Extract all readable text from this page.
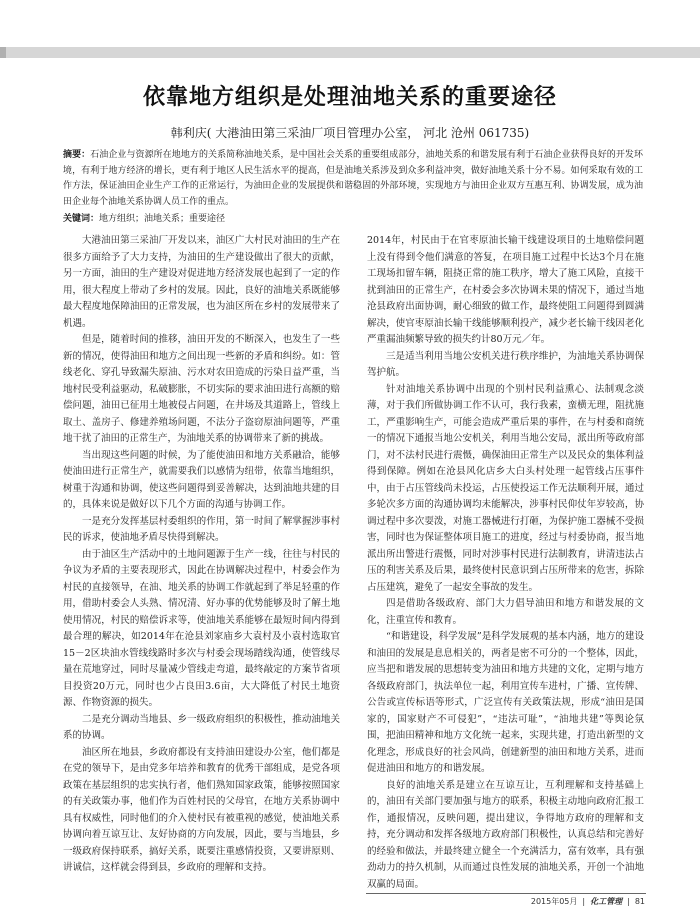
依靠地方组织是处理油地关系的重要途径
韩利庆( 大港油田第三采油厂项目管理办公室， 河北 沧州 061735)
摘要：石油企业与资源所在地地方的关系简称油地关系，是中国社会关系的重要组成部分，油地关系的和谐发展有利于石油企业获得良好的开发环境，有利于地方经济的增长，更有利于地区人民生活水平的提高，但是油地关系涉及到众多利益冲突，做好油地关系十分不易。如何采取有效的工作方法，保证油田企业生产工作的正常运行，为油田企业的发展提供和谐稳固的外部环境，实现地方与油田企业双方互惠互利、协调发展，成为油田企业每个油地关系协调人员工作的重点。
关键词：地方组织；油地关系；重要途径

大港油田第三采油厂开发以来，油区广大村民对油田的生产在很多方面给予了大力支持，为油田的生产建设做出了很大的贡献，另一方面，油田的生产建设对促进地方经济发展也起到了一定的作用，很大程度上带动了乡村的发展。因此，良好的油地关系既能够最大程度地保障油田的正常发展，也为油区所在乡村的发展带来了机遇。

但是，随着时间的推移，油田开发的不断深入，也发生了一些新的情况，使得油田和地方之间出现一些新的矛盾和纠纷。如：管线老化、穿孔导致漏失原油、污水对农田造成的污染日益严重，当地村民受利益驱动，私破膨胀，不切实际的要求油田进行高额的赔偿问题，油田已征用土地被侵占问题，在井场及其道路上，管线上取土、盖房子、修建养殖场问题，不法分子盗窃原油问题等，严重地干扰了油田的正常生产，为油地关系的协调带来了新的挑战。

当出现这些问题的时候，为了能使油田和地方关系融洽，能够使油田进行正常生产，就需要我们以感情为纽带，依靠当地组织，树重于沟通和协调，使这些问题得到妥善解决，达到油地共建的目的，具体来说是做好以下几个方面的沟通与协调工作。

一是充分发挥基层村委组织的作用，第一时间了解掌握涉事村民的诉求，使油地矛盾尽快得到解决。

由于油区生产活动中的土地问题源于生产一线，往往与村民的争议为矛盾的主要表现形式，因此在协调解决过程中，村委会作为村民的直接领导，在油、地关系的协调工作就起到了举足轻重的作用，借助村委会人头熟、情况清、好办事的优势能够及时了解土地使用情况，村民的赔偿诉求等，使油地关系能够在最短时间内得到最合理的解决，如2014年在沧县刘家庙乡大袁村及小袁村选取官15－2区块油水管线线路时多次与村委会现场踏线沟通，使管线尽量在荒地穿过，同时尽量减少管线走弯道，最终敲定的方案节省项目投资20万元，同时也少占良田3.6亩，大大降低了村民土地资源、作物资源的损失。

二是充分调动当地县、乡一级政府组织的积极性，推动油地关系的协调。

油区所在地县，乡政府都设有支持油田建设办公室，他们都是在党的领导下，是由党多年培养和教育的优秀干部组成，是党各项政策在基层组织的忠实执行者，他们熟知国家政策，能够按照国家的有关政策办事，他们作为百姓村民的父母官，在地方关系协调中具有权威性，同时他们的介入使村民有被重视的感觉，使油地关系协调向着互谅互让、友好协商的方向发展，因此，要与当地县，乡一级政府保持联系，搞好关系，既要注重感情投资，又要讲原则、讲诚信，这样就会得到县，乡政府的理解和支持。

2014年，村民由于在官枣原油长输干线建设项目的土地赔偿问题上没有得到令他们满意的答复，在项目施工过程中长达3个月在施工现场扣留车辆，阻挠正常的施工秩序，增大了施工风险，直接干扰到油田的正常生产，在村委会多次协调未果的情况下，通过当地沧县政府出面协调，耐心细致的做工作，最终使阻工问题得到圆满解决，使官枣原油长输干线能够顺利投产，减少老长输干线因老化严重漏油频繁导致的损失约计80万元／年。

三是适当利用当地公安机关进行秩序维护，为油地关系协调保驾护航。

针对油地关系协调中出现的个别村民利益熏心、法制观念淡薄，对于我们所做协调工作不认可，我行我素，蛮横无理，阻扰施工，严重影响生产，可能会造成严重后果的事件，在与村委和商统一的情况下通报当地公安机关，利用当地公安局，派出所等政府部门，对不法村民进行震慑，确保油田正常生产以及民众的集体利益得到保障。例如在沧县风化店乡大白头村处理一起管线占压事件中，由于占压管线尚未投运，占压使投运工作无法顺利开展，通过多轮次多方面的沟通协调均未能解决，涉事村民仰仗年岁较高，协调过程中多次耍泼，对施工器械进行打砸，为保护施工器械不受损害，同时也为保证整体项目施工的进度，经过与村委协商，报当地派出所出警进行震慑，同时对涉事村民进行法制教育，讲清违法占压的利害关系及后果，最终使村民意识到占压所带来的危害，拆除占压建筑，避免了一起安全事故的发生。

四是借助各级政府、部门大力倡导油田和地方和谐发展的文化，注重宣传和教育。

“和谐建设，科学发展”是科学发展观的基本内涵，地方的建设和油田的发展是息息相关的，两者是密不可分的一个整体，因此，应当把和谐发展的思想转变为油田和地方共建的文化，定期与地方各级政府部门，执法单位一起，利用宣传车进村，广播、宣传牌、公告或宣传标语等形式，广泛宣传有关政策法规，形成“油田是国家的，国家财产不可侵犯”，“违法可耻”，“油地共建”等舆论氛围，把油田精神和地方文化统一起来，实现共建，打造出新型的文化理念，形成良好的社会风尚，创建新型的油田和地方关系，进而促进油田和地方的和谐发展。

良好的油地关系是建立在互谅互让，互利理解和支持基础上的，油田有关部门要加强与地方的联系，积极主动地向政府汇报工作，通报情况，反映问题，提出建议，争得地方政府的理解和支持，充分调动和发挥各级地方政府部门积极性，认真总结和完善好的经验和做法，并最终建立健全一个充满活力，富有效率，具有强劲动力的持久机制，从而通过良性发展的油地关系，开创一个油地双赢的局面。

2015年05月 | 化工管理 | 81
